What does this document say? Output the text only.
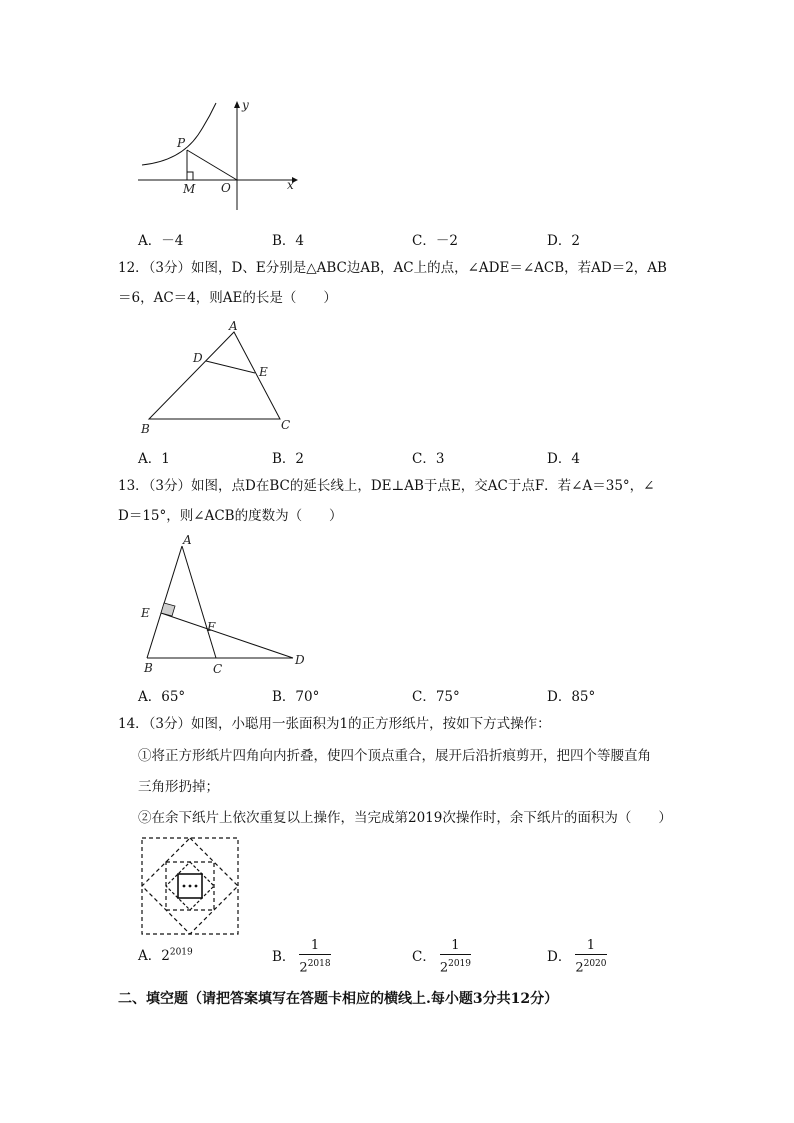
y
x
P
M O
A．－4	B．4	C．－2	D．2
12．（3分）如图，D、E分别是△ABC边AB，AC上的点，∠ADE＝∠ACB，若AD＝2，AB
＝6，AC＝4，则AE的长是（　　）
A
D
E
B	C
A．1	B．2	C．3	D．4
13．（3分）如图，点D在BC的延长线上，DE⊥AB于点E，交AC于点F．若∠A＝35°，∠
D＝15°，则∠ACB的度数为（　　）
A
E
F
B	C
D
A．65°	B．70°	C．75°	D．85°
14．（3分）如图，小聪用一张面积为1的正方形纸片，按如下方式操作：
①将正方形纸片四角向内折叠，使四个顶点重合，展开后沿折痕剪开，把四个等腰直角
三角形扔掉；
②在余下纸片上依次重复以上操作，当完成第2019次操作时，余下纸片的面积为（　　）
A．$2^{2019}$	B． $\frac{1}{2^{2018}}$	C． $\frac{1}{2^{2019}}$	D． $\frac{1}{2^{2020}}$
二、填空题（请把答案填写在答题卡相应的横线上.每小题3分共12分）
